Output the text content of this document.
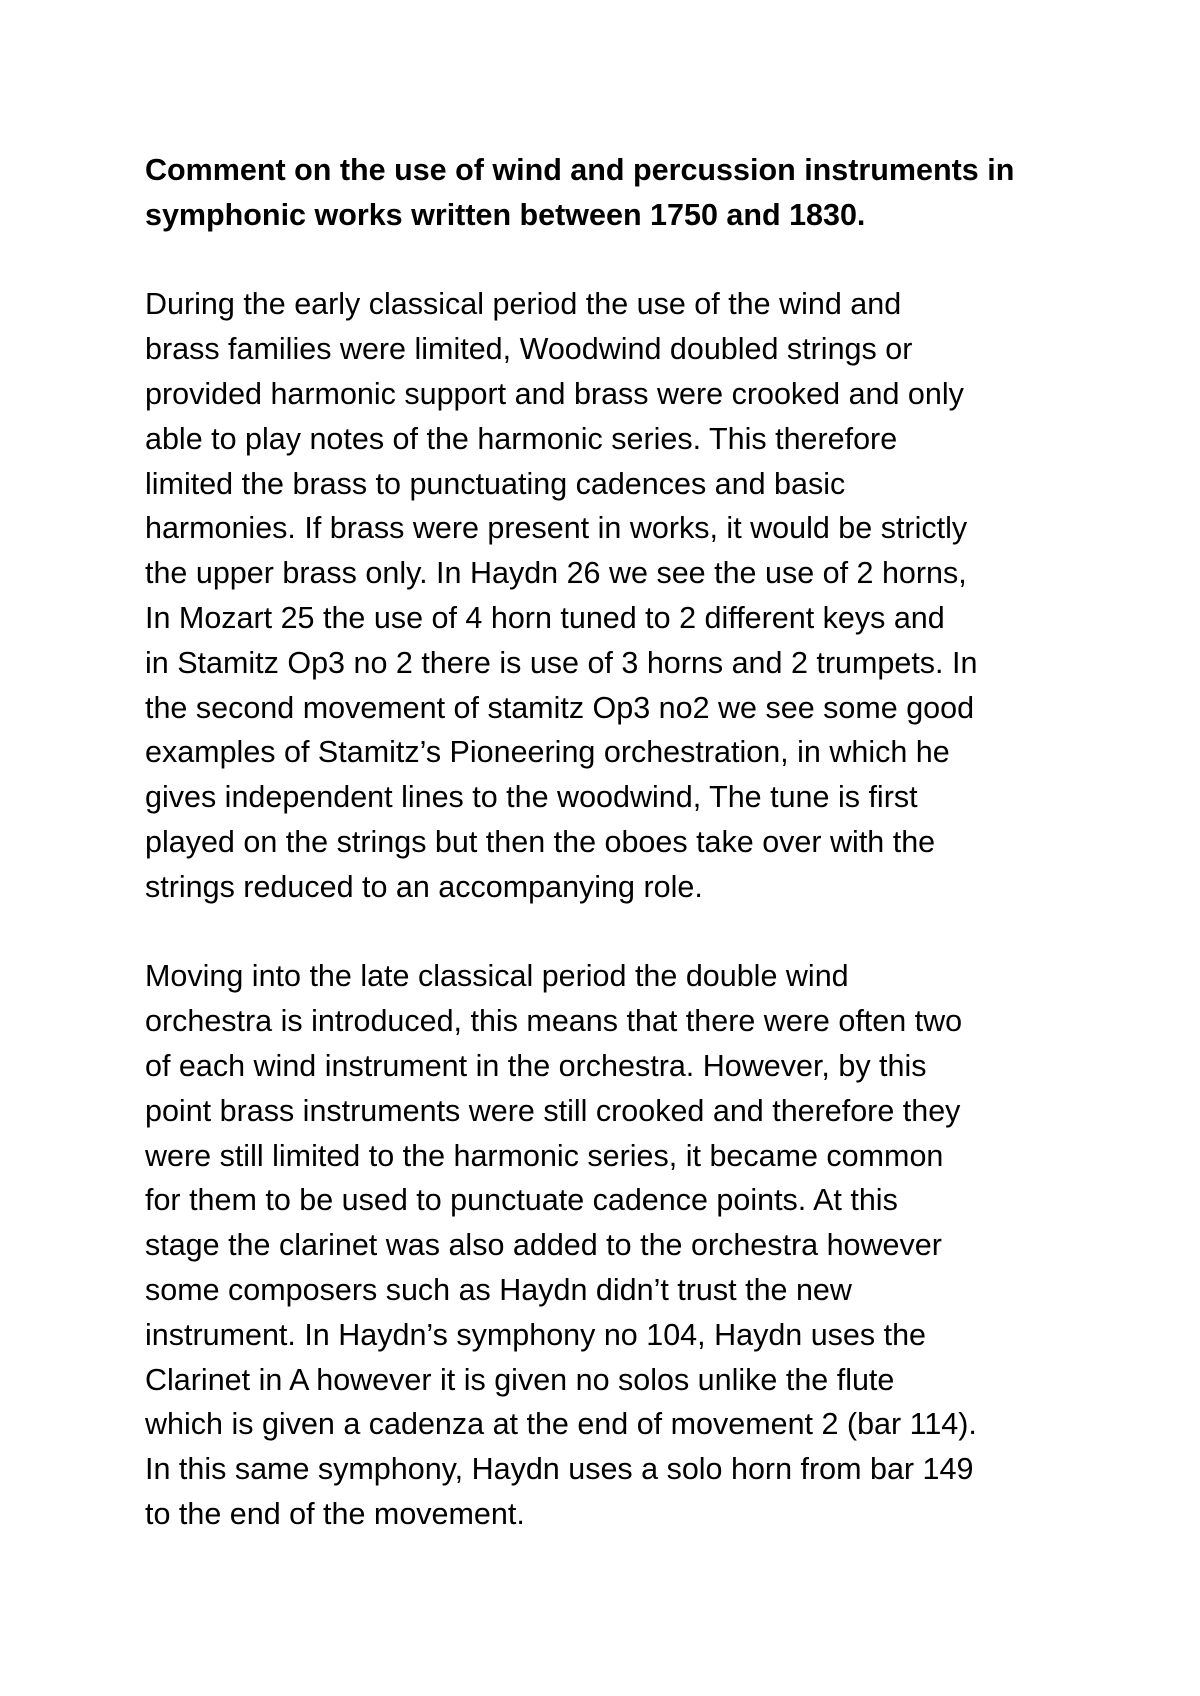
Comment on the use of wind and percussion instruments in
symphonic works written between 1750 and 1830.
During the early classical period the use of the wind and
brass families were limited, Woodwind doubled strings or
provided harmonic support and brass were crooked and only
able to play notes of the harmonic series. This therefore
limited the brass to punctuating cadences and basic
harmonies. If brass were present in works, it would be strictly
the upper brass only. In Haydn 26 we see the use of 2 horns,
In Mozart 25 the use of 4 horn tuned to 2 different keys and
in Stamitz Op3 no 2 there is use of 3 horns and 2 trumpets. In
the second movement of stamitz Op3 no2 we see some good
examples of Stamitz’s Pioneering orchestration, in which he
gives independent lines to the woodwind, The tune is first
played on the strings but then the oboes take over with the
strings reduced to an accompanying role.
Moving into the late classical period the double wind
orchestra is introduced, this means that there were often two
of each wind instrument in the orchestra. However, by this
point brass instruments were still crooked and therefore they
were still limited to the harmonic series, it became common
for them to be used to punctuate cadence points. At this
stage the clarinet was also added to the orchestra however
some composers such as Haydn didn’t trust the new
instrument. In Haydn’s symphony no 104, Haydn uses the
Clarinet in A however it is given no solos unlike the flute
which is given a cadenza at the end of movement 2 (bar 114).
In this same symphony, Haydn uses a solo horn from bar 149
to the end of the movement.
